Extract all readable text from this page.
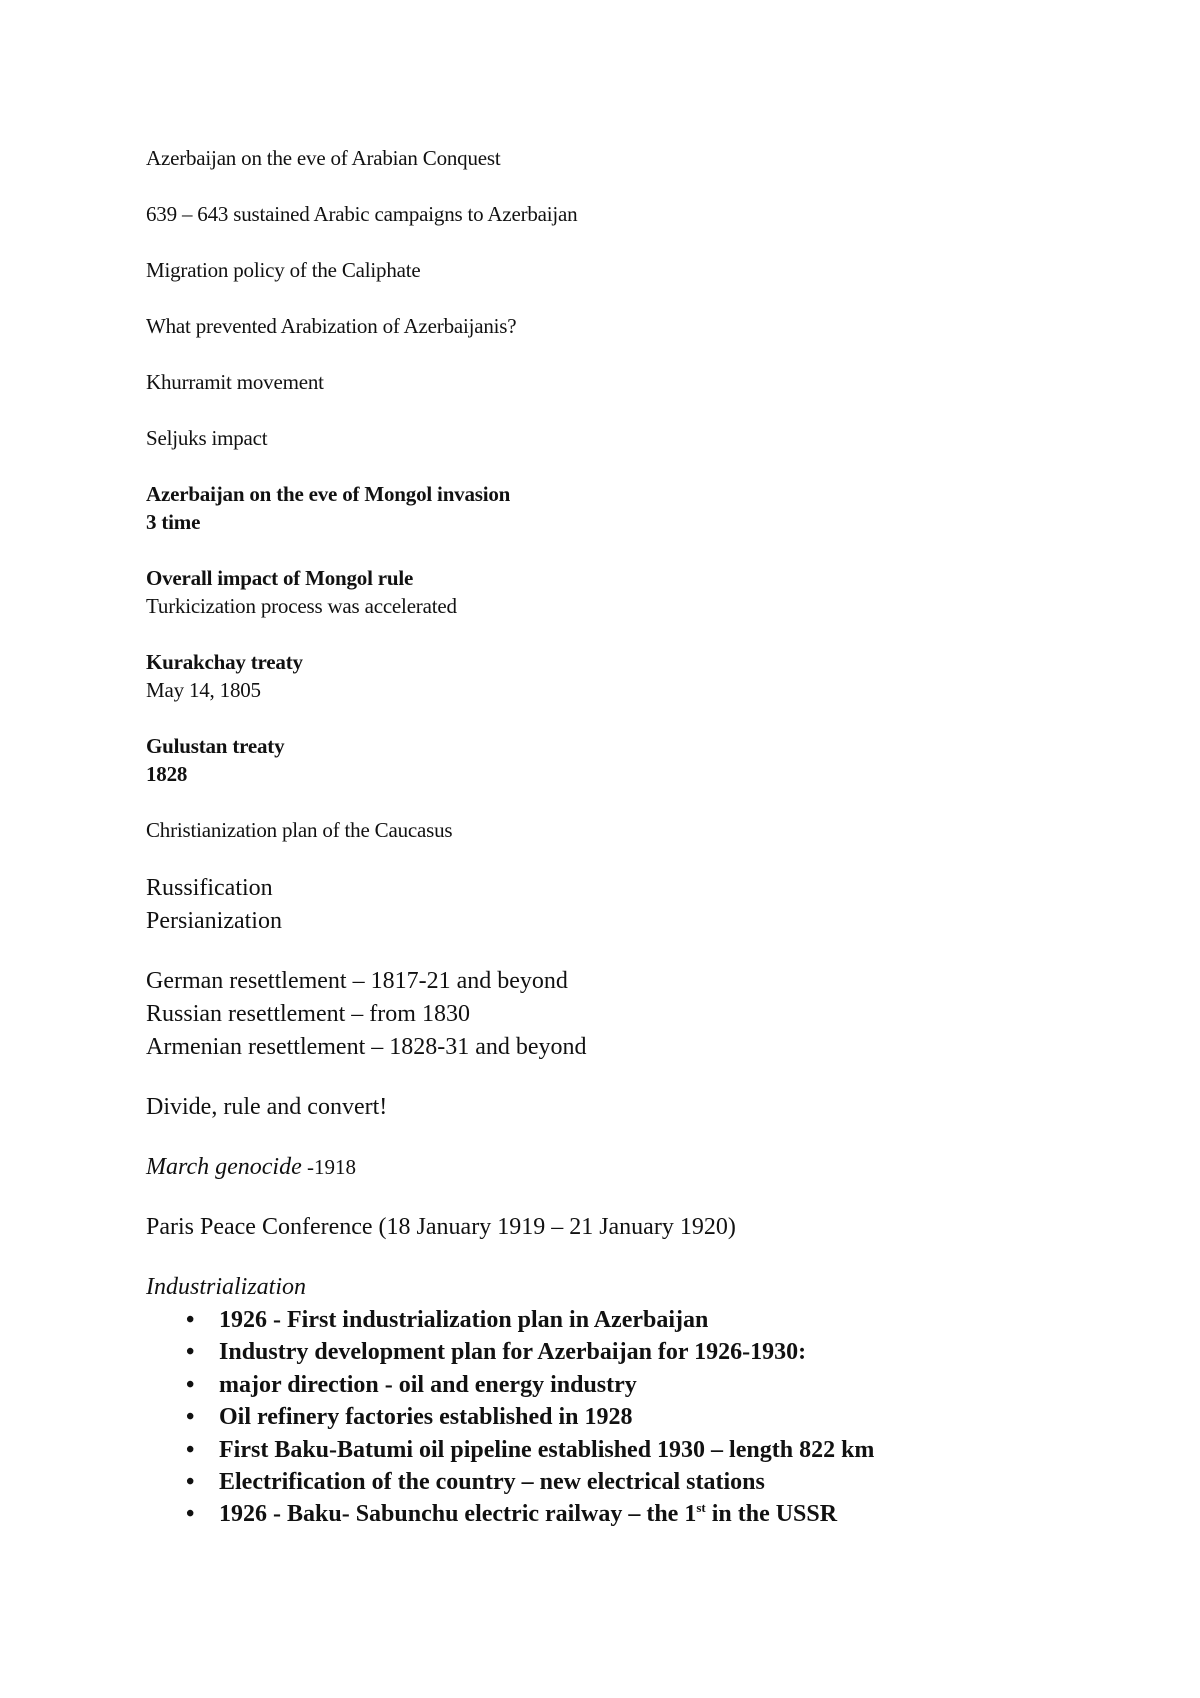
Azerbaijan on the eve of Arabian Conquest

639 – 643 sustained Arabic campaigns to Azerbaijan

Migration policy of the Caliphate

What prevented Arabization of Azerbaijanis?

Khurramit movement

Seljuks impact

Azerbaijan on the eve of Mongol invasion

3 time

Overall impact of Mongol rule

Turkicization process was accelerated

Kurakchay treaty

May 14, 1805

Gulustan treaty

1828

Christianization plan of the Caucasus

Russification

Persianization

German resettlement – 1817-21 and beyond

Russian resettlement – from 1830

Armenian resettlement – 1828-31 and beyond

Divide, rule and convert!

March genocide -1918

Paris Peace Conference (18 January 1919 – 21 January 1920)

Industrialization

• 1926 - First industrialization plan in Azerbaijan
• Industry development plan for Azerbaijan for 1926-1930:
• major direction - oil and energy industry
• Oil refinery factories established in 1928
• First Baku-Batumi oil pipeline established 1930 – length 822 km
• Electrification of the country – new electrical stations
• 1926 - Baku- Sabunchu electric railway – the 1st in the USSR
